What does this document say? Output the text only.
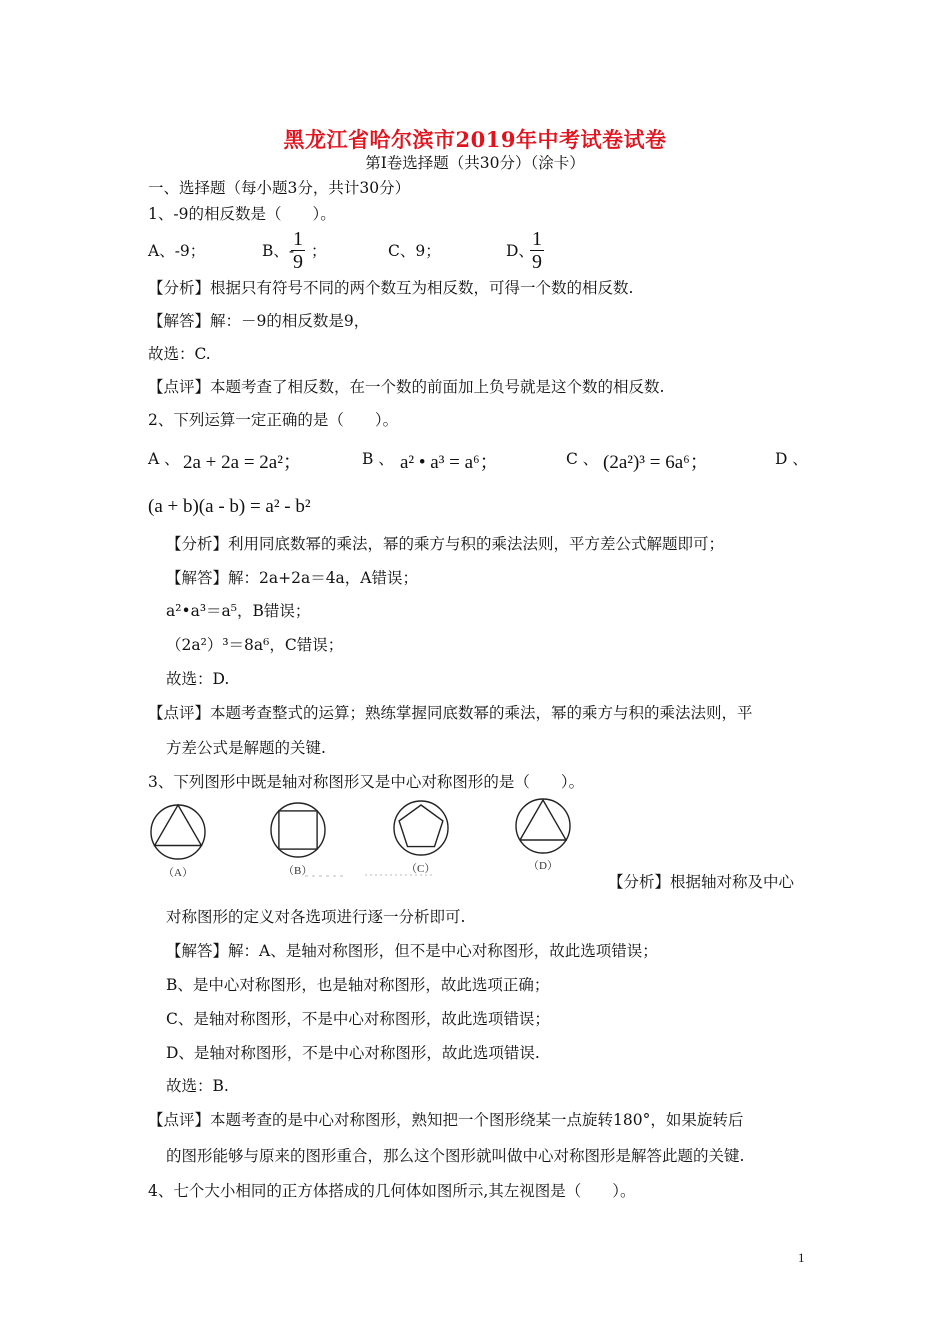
黑龙江省哈尔滨市2019年中考试卷试卷
第Ⅰ卷选择题（共30分）（涂卡）
一、选择题（每小题3分，共计30分）
1、-9的相反数是（　　）。
A、-9；	B、-
$\frac{1}{9}$ ；	C、9；	D、
$\frac{1}{9}$
【分析】根据只有符号不同的两个数互为相反数，可得一个数的相反数.
【解答】解：－9的相反数是9，
故选：C.
【点评】本题考查了相反数，在一个数的前面加上负号就是这个数的相反数.
2、下列运算一定正确的是（　　）。
A 、 2a + 2a = 2a²；	B 、 a² • a³ = a⁶；	C 、 (2a²)³ = 6a⁶；	D 、
(a + b)(a - b) = a² - b²
【分析】利用同底数幂的乘法，幂的乘方与积的乘法法则，平方差公式解题即可；
【解答】解：2a+2a＝4a，A错误；
a²•a³＝a⁵，B错误；
（2a²）³＝8a⁶，C错误；
故选：D.
【点评】本题考查整式的运算；熟练掌握同底数幂的乘法，幂的乘方与积的乘法法则，平
方差公式是解题的关键.
3、下列图形中既是轴对称图形又是中心对称图形的是（　　）。
（A）	（B）	（C）	（D）
【分析】根据轴对称及中心
对称图形的定义对各选项进行逐一分析即可.
【解答】解：A、是轴对称图形，但不是中心对称图形，故此选项错误；
B、是中心对称图形，也是轴对称图形，故此选项正确；
C、是轴对称图形，不是中心对称图形，故此选项错误；
D、是轴对称图形，不是中心对称图形，故此选项错误.
故选：B.
【点评】本题考查的是中心对称图形，熟知把一个图形绕某一点旋转180°，如果旋转后
的图形能够与原来的图形重合，那么这个图形就叫做中心对称图形是解答此题的关键.
4、七个大小相同的正方体搭成的几何体如图所示,其左视图是（　　）。
1
